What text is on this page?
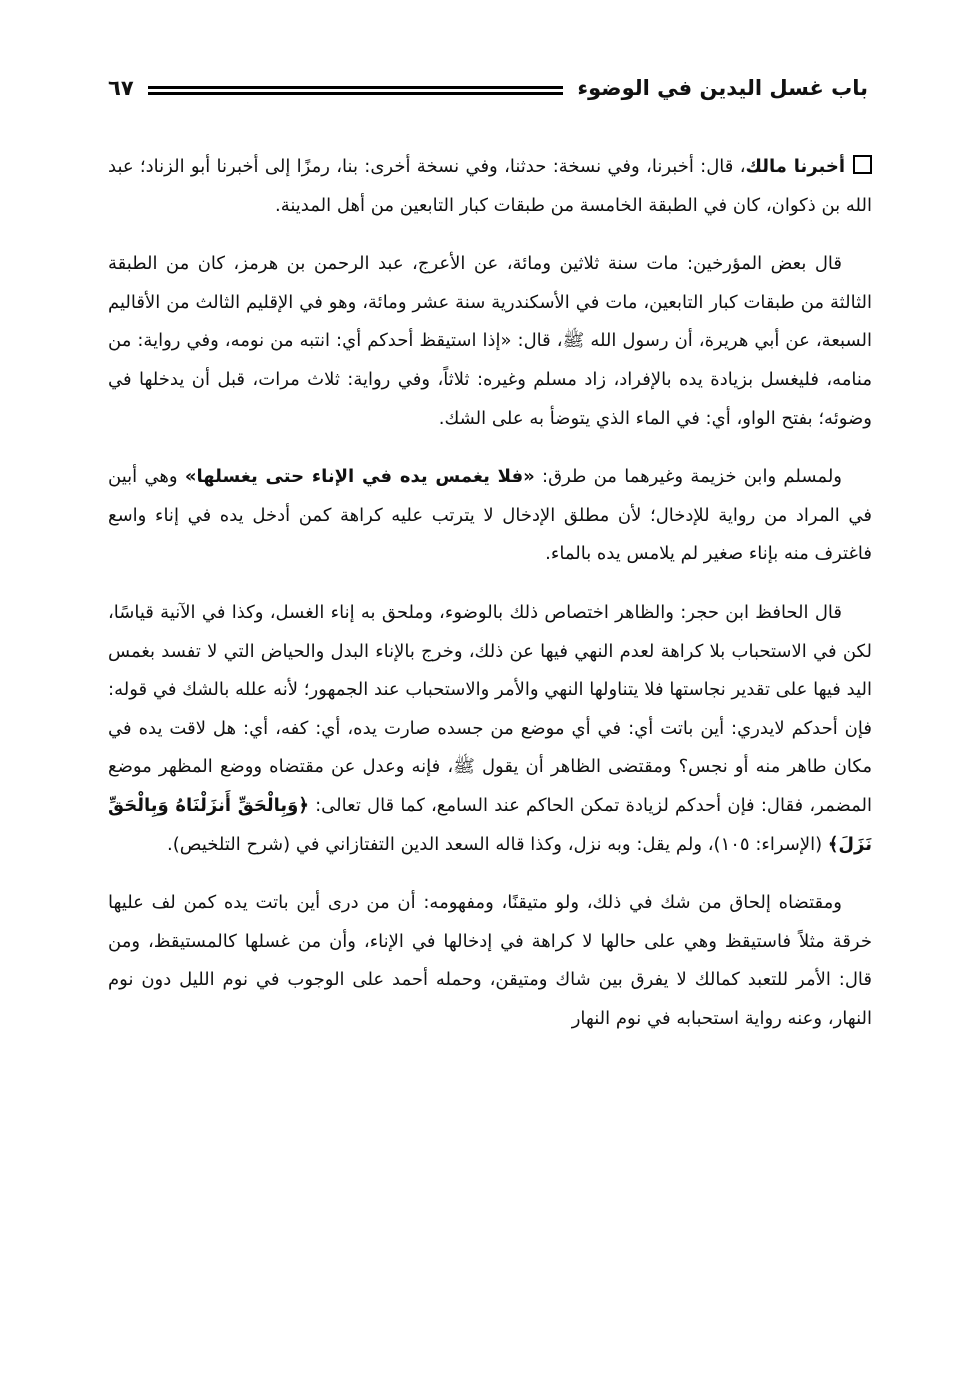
باب غسل اليدين في الوضوء
٦٧

أخبرنا مالك، قال: أخبرنا، وفي نسخة: حدثنا، وفي نسخة أخرى: بنا، رمزًا إلى أخبرنا أبو الزناد؛ عبد الله بن ذكوان، كان في الطبقة الخامسة من طبقات كبار التابعين من أهل المدينة.

قال بعض المؤرخين: مات سنة ثلاثين ومائة، عن الأعرج، عبد الرحمن بن هرمز، كان من الطبقة الثالثة من طبقات كبار التابعين، مات في الأسكندرية سنة عشر ومائة، وهو في الإقليم الثالث من الأقاليم السبعة، عن أبي هريرة، أن رسول الله ﷺ، قال: «إذا استيقظ أحدكم أي: انتبه من نومه، وفي رواية: من منامه، فليغسل بزيادة يده بالإفراد، زاد مسلم وغيره: ثلاثاً، وفي رواية: ثلاث مرات، قبل أن يدخلها في وضوئه؛ بفتح الواو، أي: في الماء الذي يتوضأ به على الشك.

ولمسلم وابن خزيمة وغيرهما من طرق: «فلا يغمس يده في الإناء حتى يغسلها» وهي أبين في المراد من رواية للإدخال؛ لأن مطلق الإدخال لا يترتب عليه كراهة كمن أدخل يده في إناء واسع فاغترف منه بإناء صغير لم يلامس يده بالماء.

قال الحافظ ابن حجر: والظاهر اختصاص ذلك بالوضوء، وملحق به إناء الغسل، وكذا في الآنية قياسًا، لكن في الاستحباب بلا كراهة لعدم النهي فيها عن ذلك، وخرج بالإناء البدل والحياض التي لا تفسد بغمس اليد فيها على تقدير نجاستها فلا يتناولها النهي والأمر والاستحباب عند الجمهور؛ لأنه علله بالشك في قوله: فإن أحدكم لايدري: أين باتت أي: في أي موضع من جسده صارت يده، أي: كفه، أي: هل لاقت يده في مكان طاهر منه أو نجس؟ ومقتضى الظاهر أن يقول ﷺ، فإنه وعدل عن مقتضاه ووضع المظهر موضع المضمر، فقال: فإن أحدكم لزيادة تمكن الحاكم عند السامع، كما قال تعالى: ﴿وَبِالْحَقِّ أَنزَلْنَاهُ وَبِالْحَقِّ نَزَلَ﴾ (الإسراء: ١٠٥)، ولم يقل: وبه نزل، وكذا قاله السعد الدين التفتازاني في (شرح التلخيص).

ومقتضاه إلحاق من شك في ذلك، ولو متيقنًا، ومفهومه: أن من درى أين باتت يده كمن لف عليها خرقة مثلاً فاستيقظ وهي على حالها لا كراهة في إدخالها في الإناء، وأن من غسلها كالمستيقظ، ومن قال: الأمر للتعبد كمالك لا يفرق بين شاك ومتيقن، وحمله أحمد على الوجوب في نوم الليل دون نوم النهار، وعنه رواية استحبابه في نوم النهار
